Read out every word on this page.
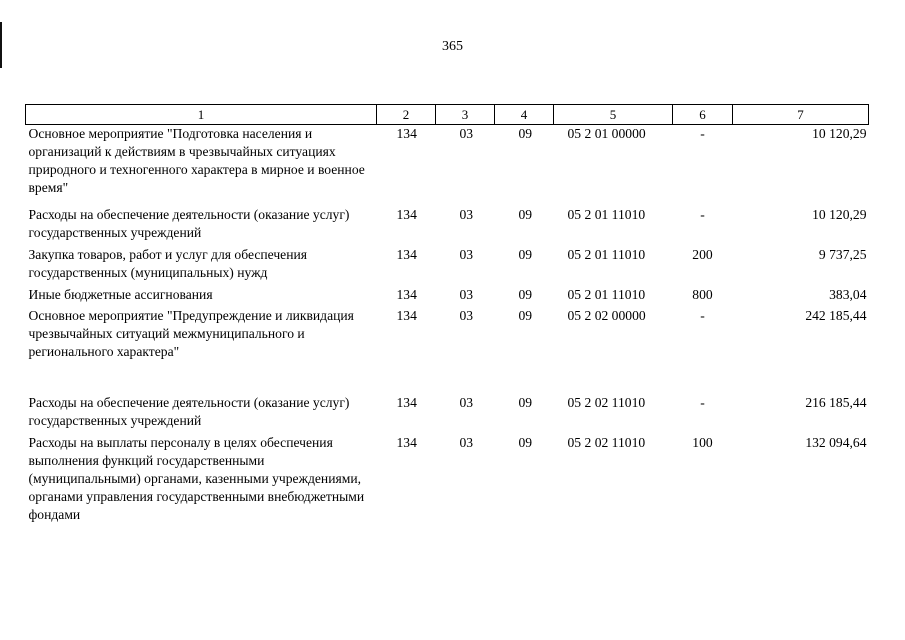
365
1	2	3	4	5	6	7
Основное мероприятие "Подготовка населения и организаций к действиям в чрезвычайных ситуациях природного и техногенного характера в мирное и военное время"	134	03	09	05 2 01 00000	-	10 120,29
Расходы на обеспечение деятельности (оказание услуг) государственных учреждений	134	03	09	05 2 01 11010	-	10 120,29
Закупка товаров, работ и услуг для обеспечения государственных (муниципальных) нужд	134	03	09	05 2 01 11010	200	9 737,25
Иные бюджетные ассигнования	134	03	09	05 2 01 11010	800	383,04
Основное мероприятие "Предупреждение и ликвидация чрезвычайных ситуаций межмуниципального и регионального характера"	134	03	09	05 2 02 00000	-	242 185,44
Расходы на обеспечение деятельности (оказание услуг) государственных учреждений	134	03	09	05 2 02 11010	-	216 185,44
Расходы на выплаты персоналу в целях обеспечения выполнения функций государственными (муниципальными) органами, казенными учреждениями, органами управления государственными внебюджетными фондами	134	03	09	05 2 02 11010	100	132 094,64
